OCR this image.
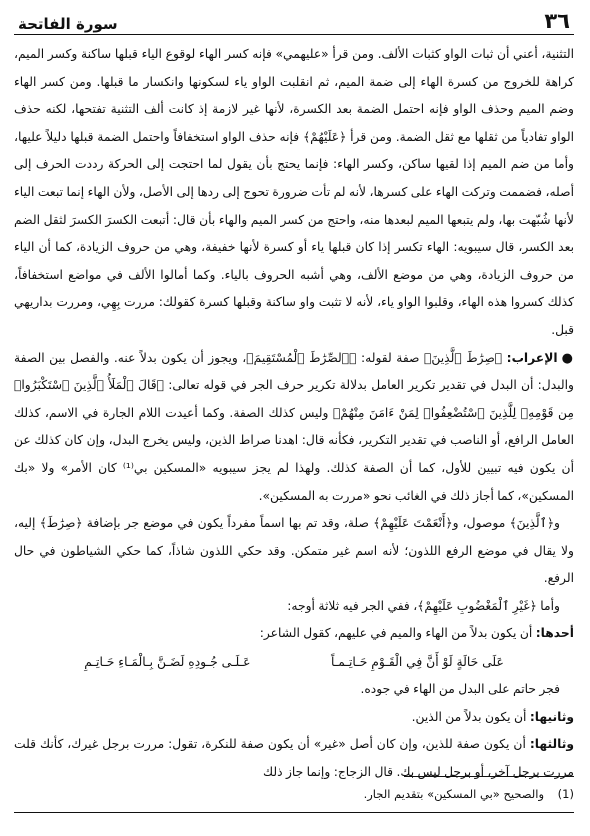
٣٦
سورة الفاتحة

التثنية، أعني أن ثبات الواو كثبات الألف. ومن قرأ «عليهمي» فإنه كسر الهاء لوقوع الياء قبلها ساكنة وكسر الميم، كراهة للخروج من كسرة الهاء إلى ضمة الميم، ثم انقلبت الواو ياء لسكونها وانكسار ما قبلها. ومن كسر الهاء وضم الميم وحذف الواو فإنه احتمل الضمة بعد الكسرة، لأنها غير لازمة إذ كانت ألف التثنية تفتحها، لكنه حذف الواو تفادياً من ثقلها مع ثقل الضمة. ومن قرأ ﴿عَلَيْهُمْ﴾ فإنه حذف الواو استخفافاً واحتمل الضمة قبلها دليلاً عليها، وأما من ضم الميم إذا لقيها ساكن، وكسر الهاء: فإنما يحتج بأن يقول لما احتجت إلى الحركة رددت الحرف إلى أصله، فضممت وتركت الهاء على كسرها، لأنه لم تأت ضرورة تحوج إلى ردها إلى الأصل، ولأن الهاء إنما تبعت الياء لأنها شُبّهت بها، ولم يتبعها الميم لبعدها منه، واحتج من كسر الميم والهاء بأن قال: أتبعت الكسرَ الكسرَ لثقل الضم بعد الكسر، قال سيبويه: الهاء تكسر إذا كان قبلها ياء أو كسرة لأنها خفيفة، وهي من حروف الزيادة، كما أن الياء من حروف الزيادة، وهي من موضع الألف، وهي أشبه الحروف بالياء. وكما أمالوا الألف في مواضع استخفافاً، كذلك كسروا هذه الهاء، وقلبوا الواو ياء، لأنه لا تثبت واو ساكنة وقبلها كسرة كقولك: مررت بِهِي، ومررت بداريهي قبل.

●الإعراب: ﴿صِرَٰطَ ٱلَّذِينَ﴾ صفة لقوله: ﴿ٱلصِّرَٰطَ ٱلْمُسْتَقِيمَ﴾، ويجوز أن يكون بدلاً عنه. والفصل بين الصفة والبدل: أن البدل في تقدير تكرير العامل بدلالة تكرير حرف الجر في قوله تعالى: ﴿قَالَ ٱلْمَلَأُ ٱلَّذِينَ ٱسْتَكْبَرُوا۟ مِن قَوْمِهِۦ لِلَّذِينَ ٱسْتُضْعِفُوا۟ لِمَنْ ءَامَنَ مِنْهُمْ﴾ وليس كذلك الصفة. وكما أعيدت اللام الجارة في الاسم، كذلك العامل الرافع، أو الناصب في تقدير التكرير، فكأنه قال: اهدنا صراط الذين، وليس يخرج البدل، وإن كان كذلك عن أن يكون فيه تبيين للأول، كما أن الصفة كذلك. ولهذا لم يجز سيبويه «المسكين بي⁽¹⁾ كان الأمر» ولا «بك المسكين»، كما أجاز ذلك في الغائب نحو «مررت به المسكين».

و﴿ٱلَّذِينَ﴾ موصول، و﴿أَنْعَمْتَ عَلَيْهِمْ﴾ صلة، وقد تم بها اسماً مفرداً يكون في موضع جر بإضافة ﴿صِرَٰطَ﴾ إليه، ولا يقال في موضع الرفع اللذون؛ لأنه اسم غير متمكن. وقد حكي اللذون شاذاً، كما حكي الشياطون في حال الرفع.

وأما ﴿غَيْرِ ٱلْمَغْضُوبِ عَلَيْهِمْ﴾، ففي الجر فيه ثلاثة أوجه:

أحدها: أن يكون بدلاً من الهاء والميم في عليهم، كقول الشاعر:

عَلَى حَالَةٍ لَوْ أَنَّ فِي الْقَـوْمِ حَـاتِـمـاً
عَـلَـى جُـودِهِ لَضَـنَّ بِـالْمَـاءِ حَـاتِـمِ

فجر حاتم على البدل من الهاء في جوده.

وثانيها: أن يكون بدلاً من الذين.

وثالثها: أن يكون صفة للذين، وإن كان أصل «غير» أن يكون صفة للنكرة، تقول: مررت برجل غيرك، كأنك قلت مررت برجل آخر، أو برجل ليس بك. قال الزجاج: وإنما جاز ذلك

(1) والصحيح «بي المسكين» بتقديم الجار.
